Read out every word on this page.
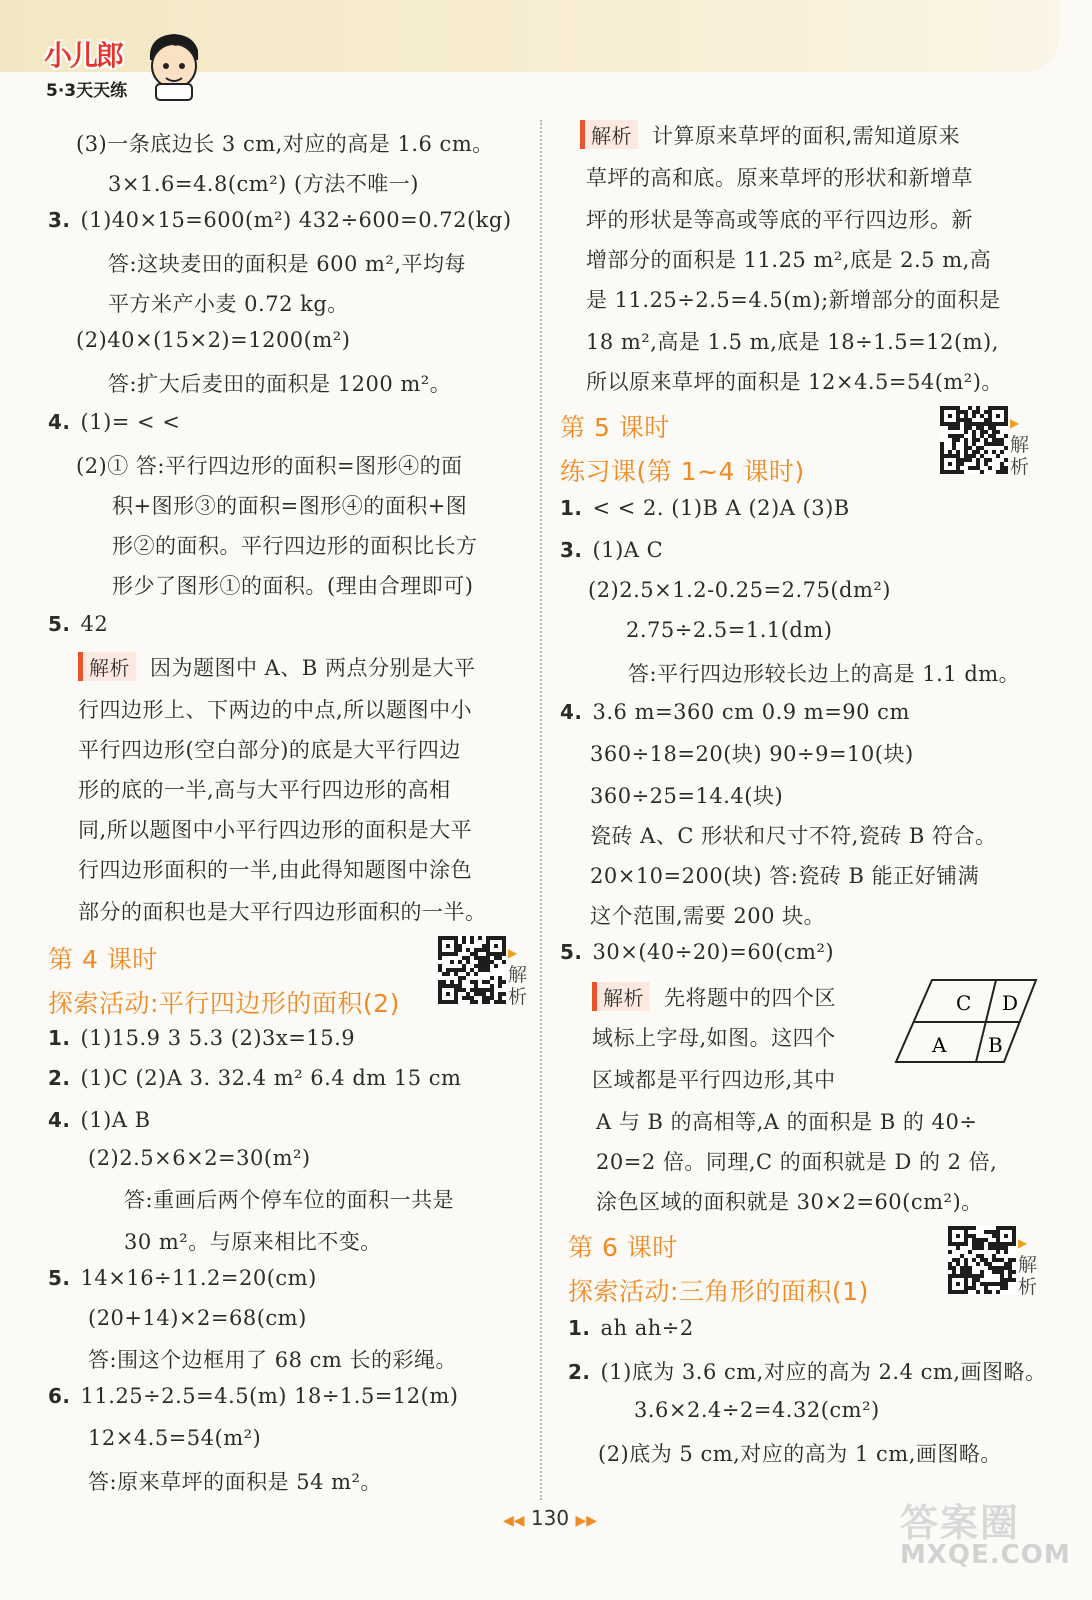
小儿郎
5·3天天练
(3)一条底边长 3 cm,对应的高是 1.6 cm。
3×1.6=4.8(cm²) (方法不唯一)
3. (1)40×15=600(m²) 432÷600=0.72(kg)
答:这块麦田的面积是 600 m²,平均每
平方米产小麦 0.72 kg。
(2)40×(15×2)=1200(m²)
答:扩大后麦田的面积是 1200 m²。
4. (1)= < <
(2)① 答:平行四边形的面积=图形④的面
积+图形③的面积=图形④的面积+图
形②的面积。平行四边形的面积比长方
形少了图形①的面积。(理由合理即可)
5. 42
解析 因为题图中 A、B 两点分别是大平
行四边形上、下两边的中点,所以题图中小
平行四边形(空白部分)的底是大平行四边
形的底的一半,高与大平行四边形的高相
同,所以题图中小平行四边形的面积是大平
行四边形面积的一半,由此得知题图中涂色
部分的面积也是大平行四边形面积的一半。
第 4 课时
探索活动:平行四边形的面积(2)
1. (1)15.9 3 5.3 (2)3x=15.9
2. (1)C (2)A 3. 32.4 m² 6.4 dm 15 cm
4. (1)A B
(2)2.5×6×2=30(m²)
答:重画后两个停车位的面积一共是
30 m²。与原来相比不变。
5. 14×16÷11.2=20(cm)
(20+14)×2=68(cm)
答:围这个边框用了 68 cm 长的彩绳。
6. 11.25÷2.5=4.5(m) 18÷1.5=12(m)
12×4.5=54(m²)
答:原来草坪的面积是 54 m²。
解析 计算原来草坪的面积,需知道原来
草坪的高和底。原来草坪的形状和新增草
坪的形状是等高或等底的平行四边形。新
增部分的面积是 11.25 m²,底是 2.5 m,高
是 11.25÷2.5=4.5(m);新增部分的面积是
18 m²,高是 1.5 m,底是 18÷1.5=12(m),
所以原来草坪的面积是 12×4.5=54(m²)。
第 5 课时
练习课(第 1~4 课时)
1. < < 2. (1)B A (2)A (3)B
3. (1)A C
(2)2.5×1.2-0.25=2.75(dm²)
2.75÷2.5=1.1(dm)
答:平行四边形较长边上的高是 1.1 dm。
4. 3.6 m=360 cm 0.9 m=90 cm
360÷18=20(块) 90÷9=10(块)
360÷25=14.4(块)
瓷砖 A、C 形状和尺寸不符,瓷砖 B 符合。
20×10=200(块) 答:瓷砖 B 能正好铺满
这个范围,需要 200 块。
5. 30×(40÷20)=60(cm²)
解析 先将题中的四个区
域标上字母,如图。这四个
区域都是平行四边形,其中
A 与 B 的高相等,A 的面积是 B 的 40÷
20=2 倍。同理,C 的面积就是 D 的 2 倍,
涂色区域的面积就是 30×2=60(cm²)。
第 6 课时
探索活动:三角形的面积(1)
1. ah ah÷2
2. (1)底为 3.6 cm,对应的高为 2.4 cm,画图略。
3.6×2.4÷2=4.32(cm²)
(2)底为 5 cm,对应的高为 1 cm,画图略。
C D
A B
◀◀ 130 ▶▶	答案圈
MXQE.COM
▶
解析
▶
解析
▶
解析
